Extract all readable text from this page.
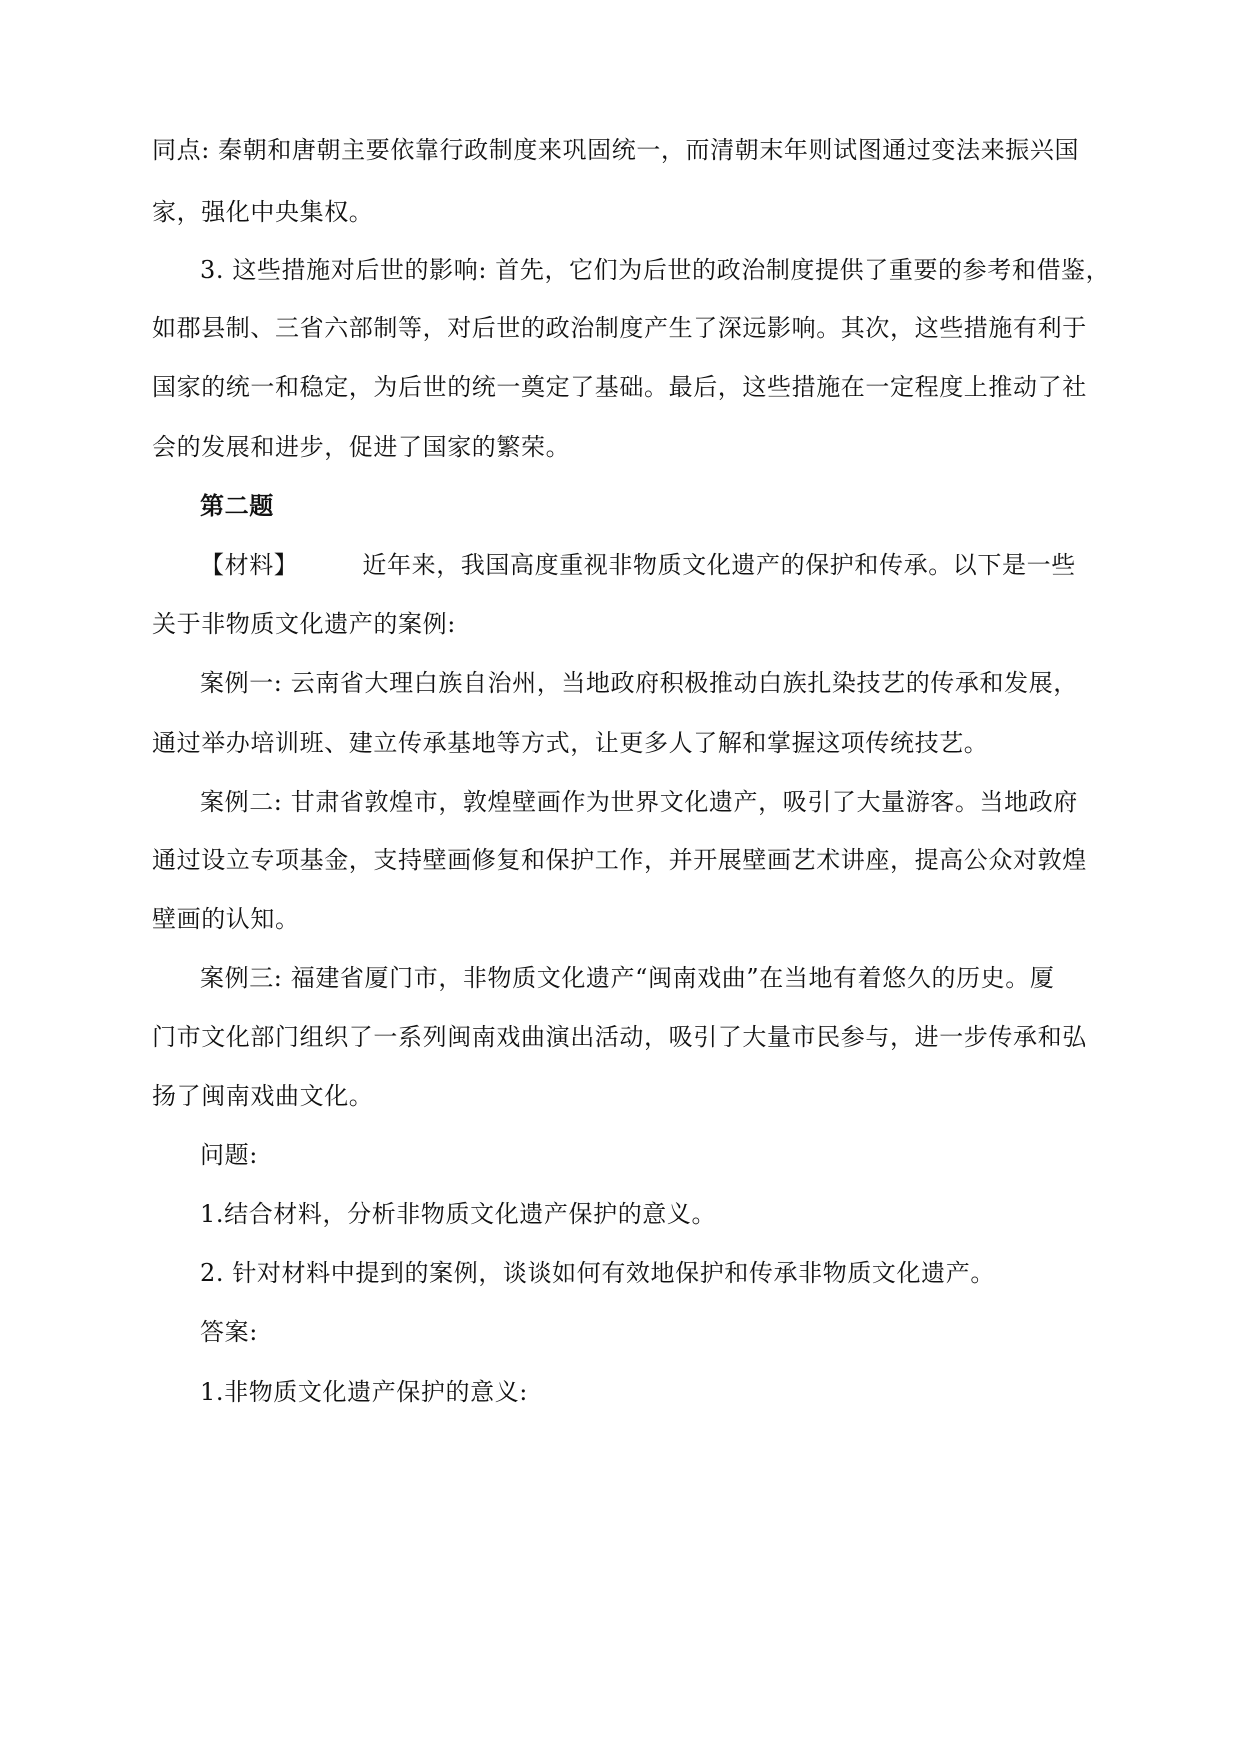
同点: 秦朝和唐朝主要依靠行政制度来巩固统一，而清朝末年则试图通过变法来振兴国
家，强化中央集权。
3. 这些措施对后世的影响: 首先，它们为后世的政治制度提供了重要的参考和借鉴，
如郡县制、三省六部制等，对后世的政治制度产生了深远影响。其次，这些措施有利于
国家的统一和稳定，为后世的统一奠定了基础。最后，这些措施在一定程度上推动了社
会的发展和进步，促进了国家的繁荣。
第二题
【材料】	近年来，我国高度重视非物质文化遗产的保护和传承。以下是一些
关于非物质文化遗产的案例:
案例一: 云南省大理白族自治州，当地政府积极推动白族扎染技艺的传承和发展，
通过举办培训班、建立传承基地等方式，让更多人了解和掌握这项传统技艺。
案例二: 甘肃省敦煌市，敦煌壁画作为世界文化遗产，吸引了大量游客。当地政府
通过设立专项基金，支持壁画修复和保护工作，并开展壁画艺术讲座，提高公众对敦煌
壁画的认知。
案例三: 福建省厦门市，非物质文化遗产“闽南戏曲”在当地有着悠久的历史。厦
门市文化部门组织了一系列闽南戏曲演出活动，吸引了大量市民参与，进一步传承和弘
扬了闽南戏曲文化。
问题:
1.结合材料，分析非物质文化遗产保护的意义。
2. 针对材料中提到的案例，谈谈如何有效地保护和传承非物质文化遗产。
答案:
1.非物质文化遗产保护的意义:
